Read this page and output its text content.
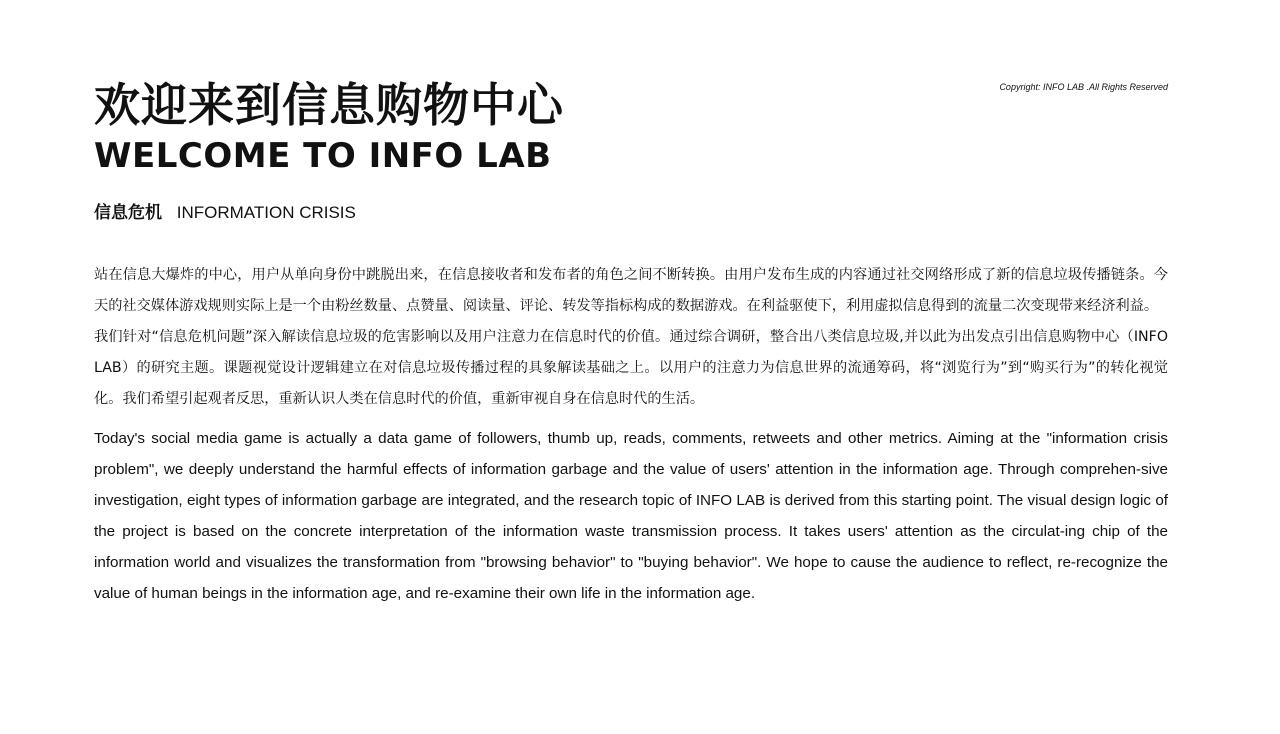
Copyright: INFO LAB .All Rights Reserved
欢迎来到信息购物中心
WELCOME TO INFO LAB
信息危机 INFORMATION CRISIS

站在信息大爆炸的中心，用户从单向身份中跳脱出来，在信息接收者和发布者的角色之间不断转换。由用户发布生成的内容通过社交网络形成了新的信息垃圾传播链条。今天的社交媒体游戏规则实际上是一个由粉丝数量、点赞量、阅读量、评论、转发等指标构成的数据游戏。在利益驱使下，利用虚拟信息得到的流量二次变现带来经济利益。

我们针对“信息危机问题”深入解读信息垃圾的危害影响以及用户注意力在信息时代的价值。通过综合调研，整合出八类信息垃圾,并以此为出发点引出信息购物中心（INFO LAB）的研究主题。课题视觉设计逻辑建立在对信息垃圾传播过程的具象解读基础之上。以用户的注意力为信息世界的流通筹码，将“浏览行为”到“购买行为”的转化视觉化。我们希望引起观者反思，重新认识人类在信息时代的价值，重新审视自身在信息时代的生活。

Today's social media game is actually a data game of followers, thumb up, reads, comments, retweets and other metrics. Aiming at the "information crisis problem", we deeply understand the harmful effects of information garbage and the value of users' attention in the information age. Through comprehen-sive investigation, eight types of information garbage are integrated, and the research topic of INFO LAB is derived from this starting point. The visual design logic of the project is based on the concrete interpretation of the information waste transmission process. It takes users' attention as the circulat-ing chip of the information world and visualizes the transformation from "browsing behavior" to "buying behavior". We hope to cause the audience to reflect, re-recognize the value of human beings in the information age, and re-examine their own life in the information age.
